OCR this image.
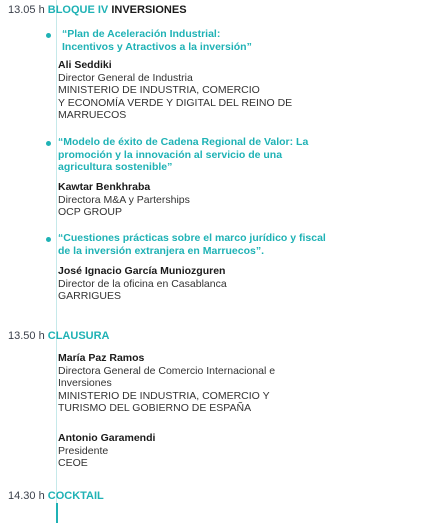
13.05 h BLOQUE IV INVERSIONES
“Plan de Aceleración Industrial:
Incentivos y Atractivos a la inversión”
Ali Seddiki
Director General de Industria
MINISTERIO DE INDUSTRIA, COMERCIO
Y ECONOMÍA VERDE Y DIGITAL DEL REINO DE
MARRUECOS
“Modelo de éxito de Cadena Regional de Valor: La
promoción y la innovación al servicio de una
agricultura sostenible”
Kawtar Benkhraba
Directora M&A y Parterships
OCP GROUP
“Cuestiones prácticas sobre el marco jurídico y fiscal
de la inversión extranjera en Marruecos”.
José Ignacio García Muniozguren
Director de la oficina en Casablanca
GARRIGUES
13.50 h CLAUSURA
María Paz Ramos
Directora General de Comercio Internacional e
Inversiones
MINISTERIO DE INDUSTRIA, COMERCIO Y
TURISMO DEL GOBIERNO DE ESPAÑA
Antonio Garamendi
Presidente
CEOE
14.30 h COCKTAIL
